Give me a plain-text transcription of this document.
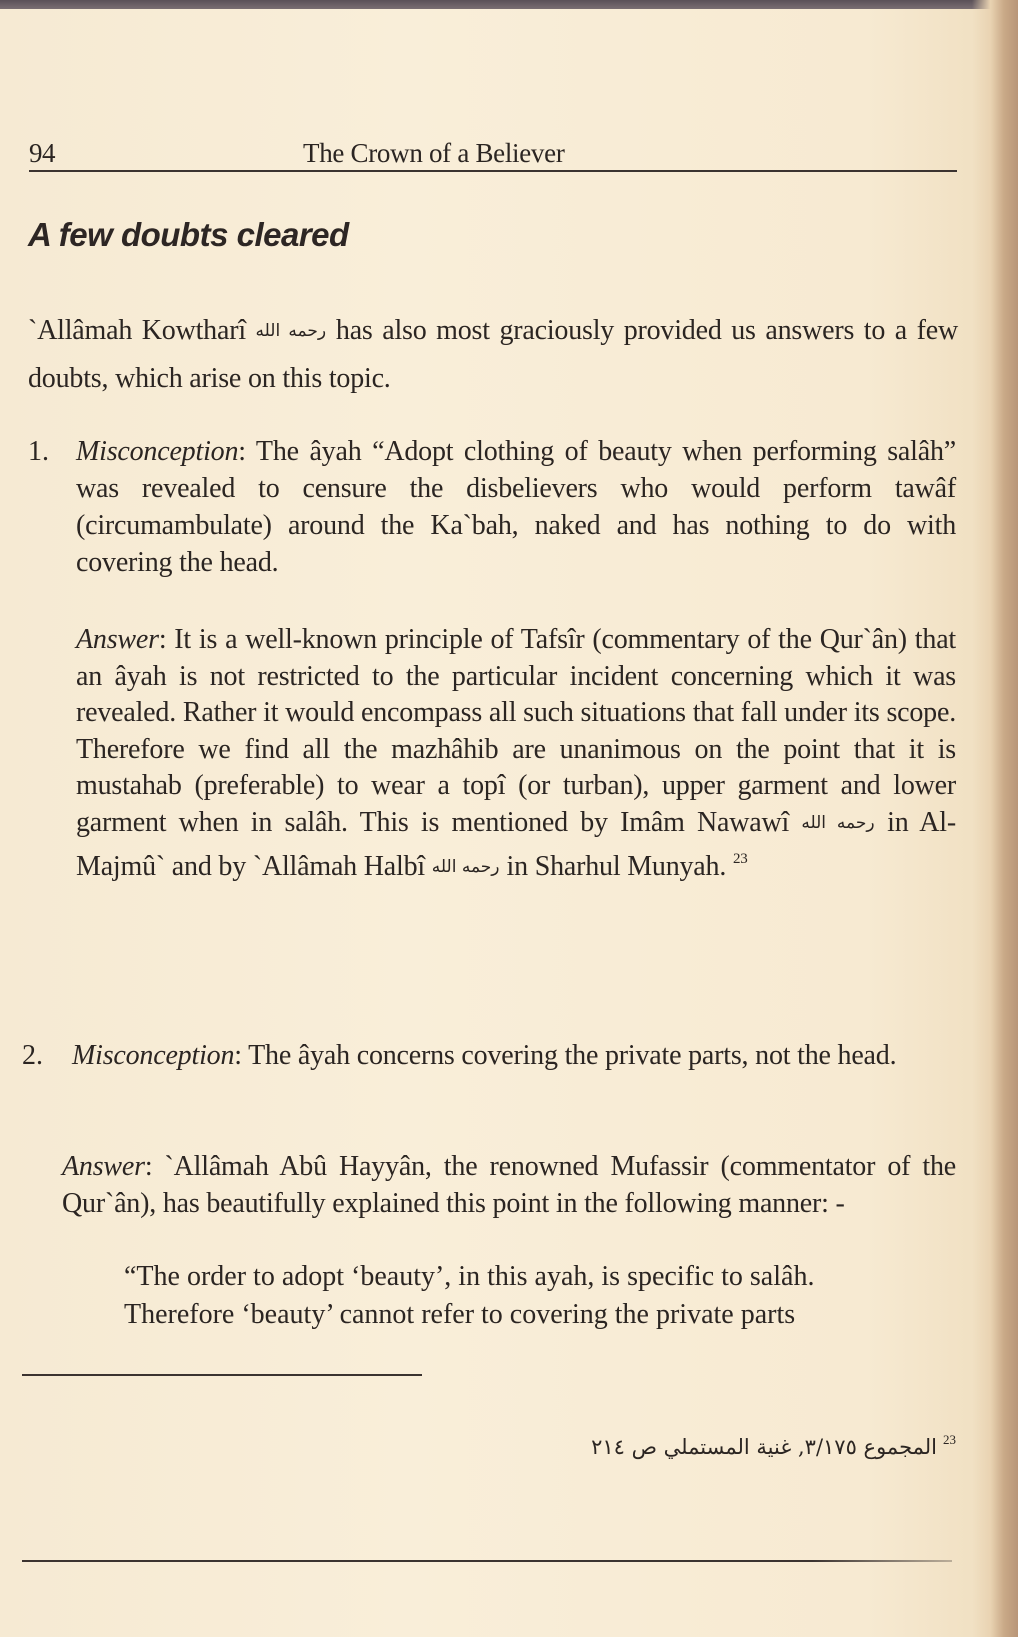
94	The Crown of a Believer
A few doubts cleared

`Allâmah Kowtharî رحمه الله has also most graciously provided us answers to a few doubts, which arise on this topic.

1. Misconception: The âyah “Adopt clothing of beauty when performing salâh” was revealed to censure the disbelievers who would perform tawâf (circumambulate) around the Ka`bah, naked and has nothing to do with covering the head.

Answer: It is a well-known principle of Tafsîr (commentary of the Qur`ân) that an âyah is not restricted to the particular incident concerning which it was revealed. Rather it would encompass all such situations that fall under its scope. Therefore we find all the mazhâhib are unanimous on the point that it is mustahab (preferable) to wear a topî (or turban), upper garment and lower garment when in salâh. This is mentioned by Imâm Nawawî رحمه الله in Al- Majmû` and by `Allâmah Halbî رحمه الله in Sharhul Munyah. $^{23}$

2. Misconception: The âyah concerns covering the private parts, not the head.

Answer: `Allâmah Abû Hayyân, the renowned Mufassir (commentator of the Qur`ân), has beautifully explained this point in the following manner: -

“The order to adopt ‘beauty’, in this ayah, is specific to salâh.
Therefore ‘beauty’ cannot refer to covering the private parts
المجموع ٣/١٧٥, غنية المستملي ص ٢١٤ $^{23}$
